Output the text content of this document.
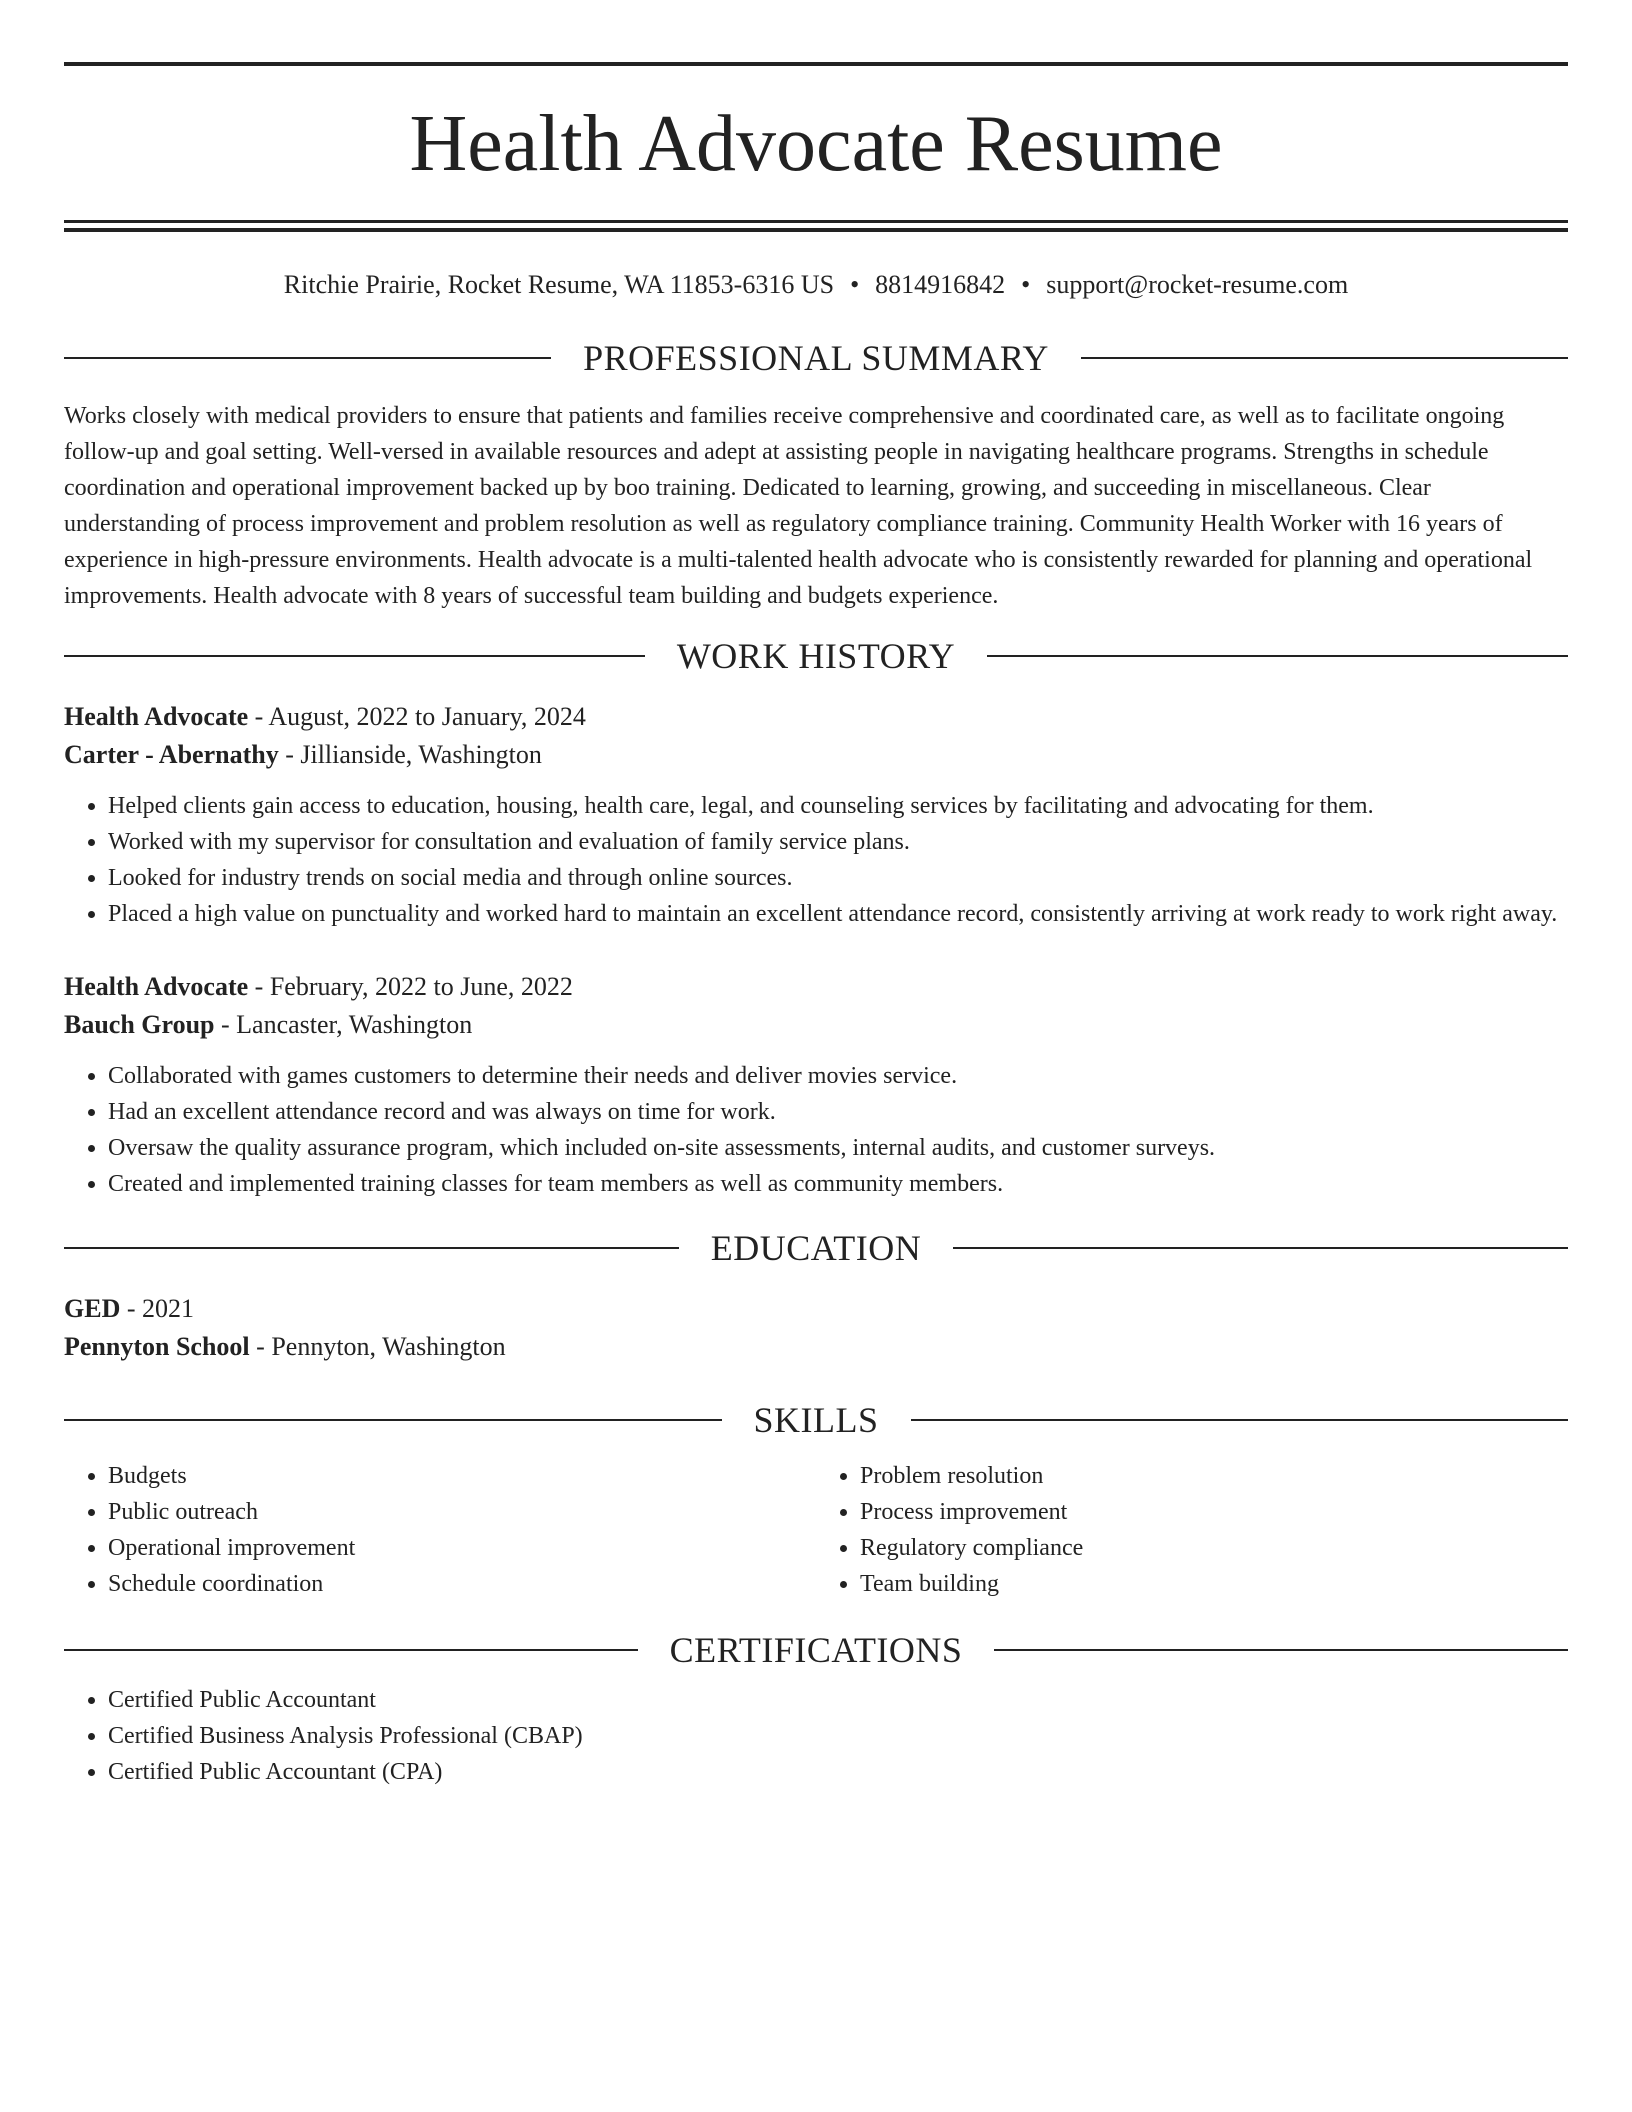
Health Advocate Resume
Ritchie Prairie, Rocket Resume, WA 11853-6316 US • 8814916842 • support@rocket-resume.com
PROFESSIONAL SUMMARY

Works closely with medical providers to ensure that patients and families receive comprehensive and coordinated care, as well as to facilitate ongoing follow-up and goal setting. Well-versed in available resources and adept at assisting people in navigating healthcare programs. Strengths in schedule coordination and operational improvement backed up by boo training. Dedicated to learning, growing, and succeeding in miscellaneous. Clear understanding of process improvement and problem resolution as well as regulatory compliance training. Community Health Worker with 16 years of experience in high-pressure environments. Health advocate is a multi-talented health advocate who is consistently rewarded for planning and operational improvements. Health advocate with 8 years of successful team building and budgets experience.

WORK HISTORY
Health Advocate - August, 2022 to January, 2024
Carter - Abernathy - Jillianside, Washington
• Helped clients gain access to education, housing, health care, legal, and counseling services by facilitating and advocating for them.
• Worked with my supervisor for consultation and evaluation of family service plans.
• Looked for industry trends on social media and through online sources.
• Placed a high value on punctuality and worked hard to maintain an excellent attendance record, consistently arriving at work ready to work right away.
Health Advocate - February, 2022 to June, 2022
Bauch Group - Lancaster, Washington
• Collaborated with games customers to determine their needs and deliver movies service.
• Had an excellent attendance record and was always on time for work.
• Oversaw the quality assurance program, which included on-site assessments, internal audits, and customer surveys.
• Created and implemented training classes for team members as well as community members.
EDUCATION
GED - 2021
Pennyton School - Pennyton, Washington
SKILLS
• Budgets
• Public outreach
• Operational improvement
• Schedule coordination
• Problem resolution
• Process improvement
• Regulatory compliance
• Team building
CERTIFICATIONS
• Certified Public Accountant
• Certified Business Analysis Professional (CBAP)
• Certified Public Accountant (CPA)
